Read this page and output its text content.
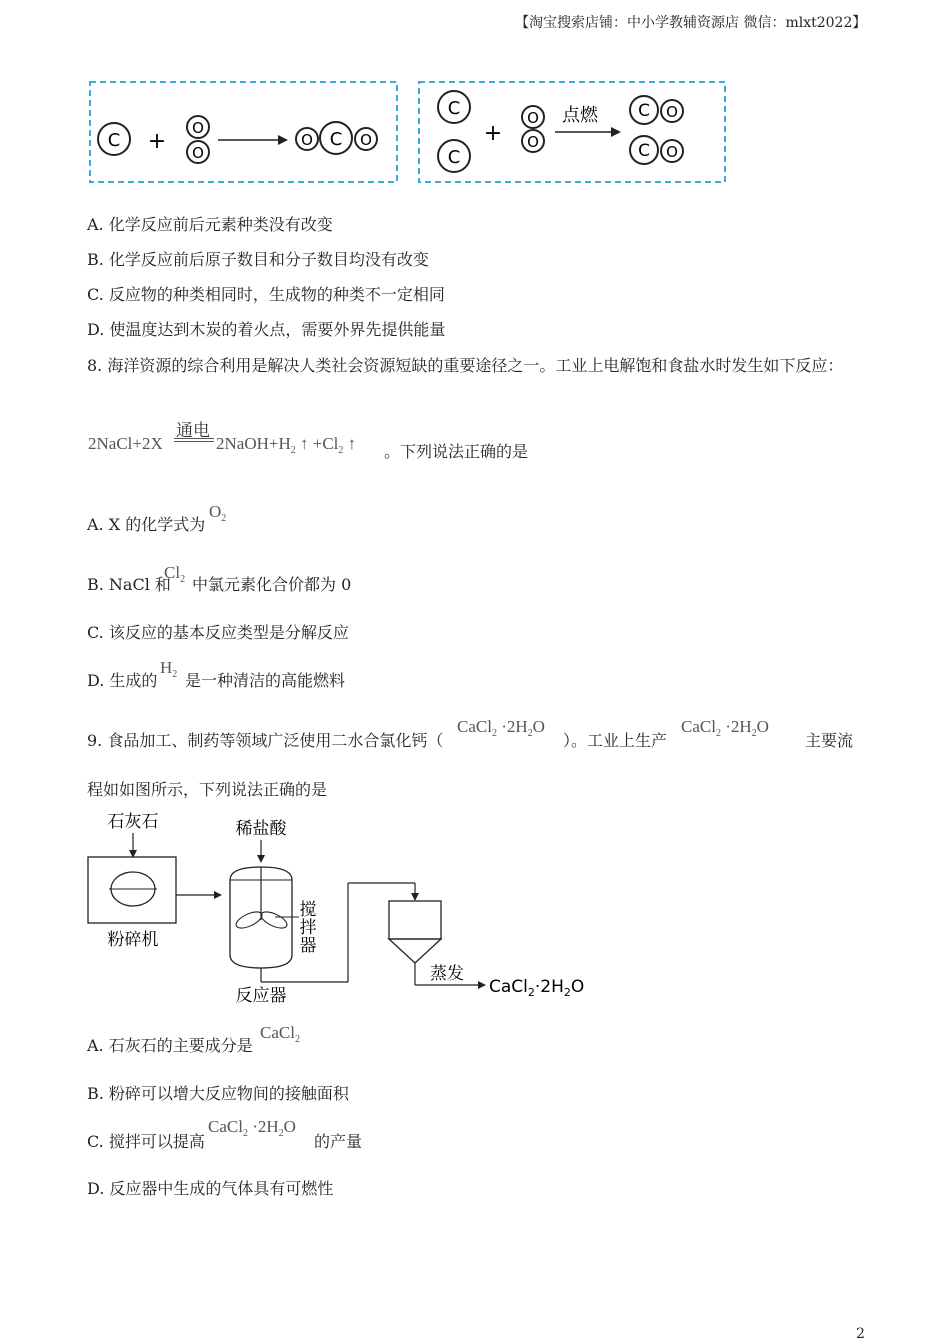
【淘宝搜索店铺：中小学教辅资源店 微信：mlxt2022】
C +
O
O
O C O
C
C
+
O
O
点燃 C O
C O
A. 化学反应前后元素种类没有改变
B. 化学反应前后原子数目和分子数目均没有改变
C. 反应物的种类相同时，生成物的种类不一定相同
D. 使温度达到木炭的着火点，需要外界先提供能量
8. 海洋资源的综合利用是解决人类社会资源短缺的重要途径之一。工业上电解饱和食盐水时发生如下反应：
2NaCl+2X
通电
$2NaOH+H_2$ ↑ $+Cl_2$ ↑ 。下列说法正确的是
A. X 的化学式为
$O_2$
B. NaCl 和
$Cl_2$ 中氯元素化合价都为 0
C. 该反应的基本反应类型是分解反应
D. 生成的
$H_2$ 是一种清洁的高能燃料
9. 食品加工、制药等领域广泛使用二水合氯化钙（
CaCl$_2$ $\cdot 2H_2O$
）。工业上生产
CaCl$_2$ $\cdot 2H_2O$
主要流
程如如图所示，下列说法正确的是
石灰石
粉碎机
稀盐酸
搅
拌
器
反应器
蒸发
$CaCl_2\cdot 2H_2O$
A. 石灰石的主要成分是
CaCl$_2$
B. 粉碎可以增大反应物间的接触面积
C. 搅拌可以提高
CaCl$_2$ $\cdot 2H_2O$
的产量
D. 反应器中生成的气体具有可燃性
2
